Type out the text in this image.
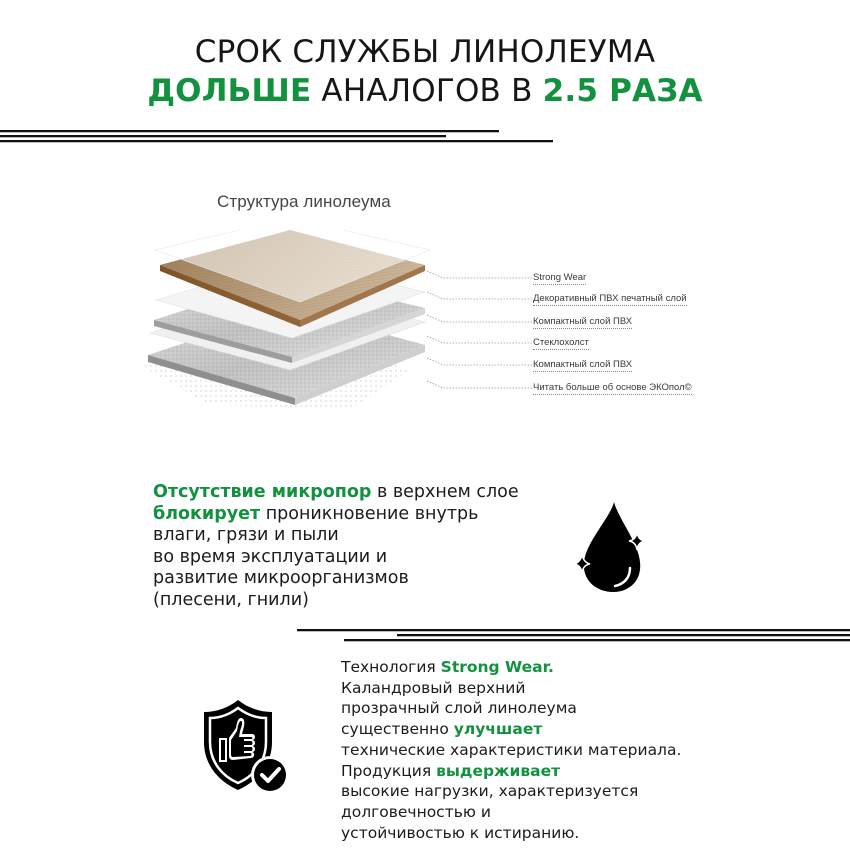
СРОК СЛУЖБЫ ЛИНОЛЕУМА
ДОЛЬШЕ АНАЛОГОВ В 2.5 РАЗА
Структура линолеума
Strong Wear
Декоративный ПВХ печатный слой
Компактный слой ПВХ
Стеклохолст
Компактный слой ПВХ
Читать больше об основе ЭКОпол©
Отсутствие микропор в верхнем слое
блокирует проникновение внутрь
влаги, грязи и пыли
во время эксплуатации и
развитие микроорганизмов
(плесени, гнили)
Технология Strong Wear.
Каландровый верхний
прозрачный слой линолеума
существенно улучшает
технические характеристики материала.
Продукция выдерживает
высокие нагрузки, характеризуется
долговечностью и
устойчивостью к истиранию.
